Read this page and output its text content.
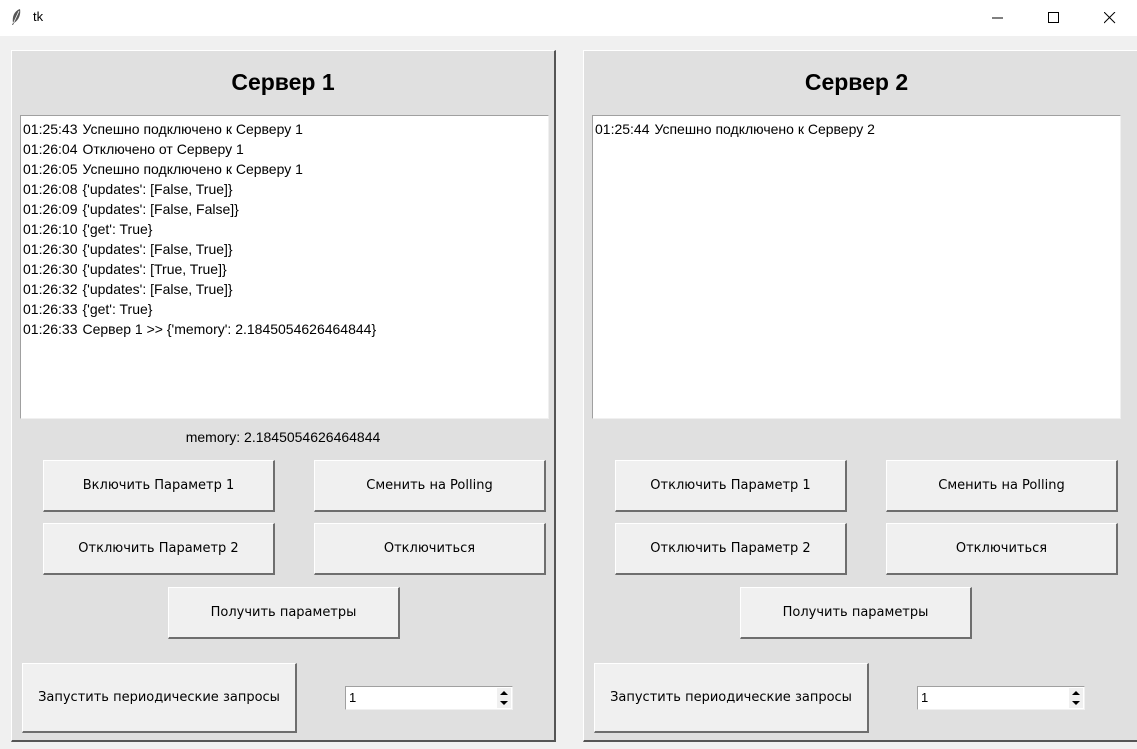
tk
Сервер 1
01:25:43 Успешно подключено к Серверу 1
01:26:04 Отключено от Серверу 1
01:26:05 Успешно подключено к Серверу 1
01:26:08 {'updates': [False, True]}
01:26:09 {'updates': [False, False]}
01:26:10 {'get': True}
01:26:30 {'updates': [False, True]}
01:26:30 {'updates': [True, True]}
01:26:32 {'updates': [False, True]}
01:26:33 {'get': True}
01:26:33 Сервер 1 >> {'memory': 2.1845054626464844}
memory: 2.1845054626464844
Включить Параметр 1	Сменить на Polling
Отключить Параметр 2	Отключиться
Получить параметры
Запустить периодические запросы	1
Сервер 2
01:25:44 Успешно подключено к Серверу 2
Отключить Параметр 1	Сменить на Polling
Отключить Параметр 2	Отключиться
Получить параметры
Запустить периодические запросы	1
